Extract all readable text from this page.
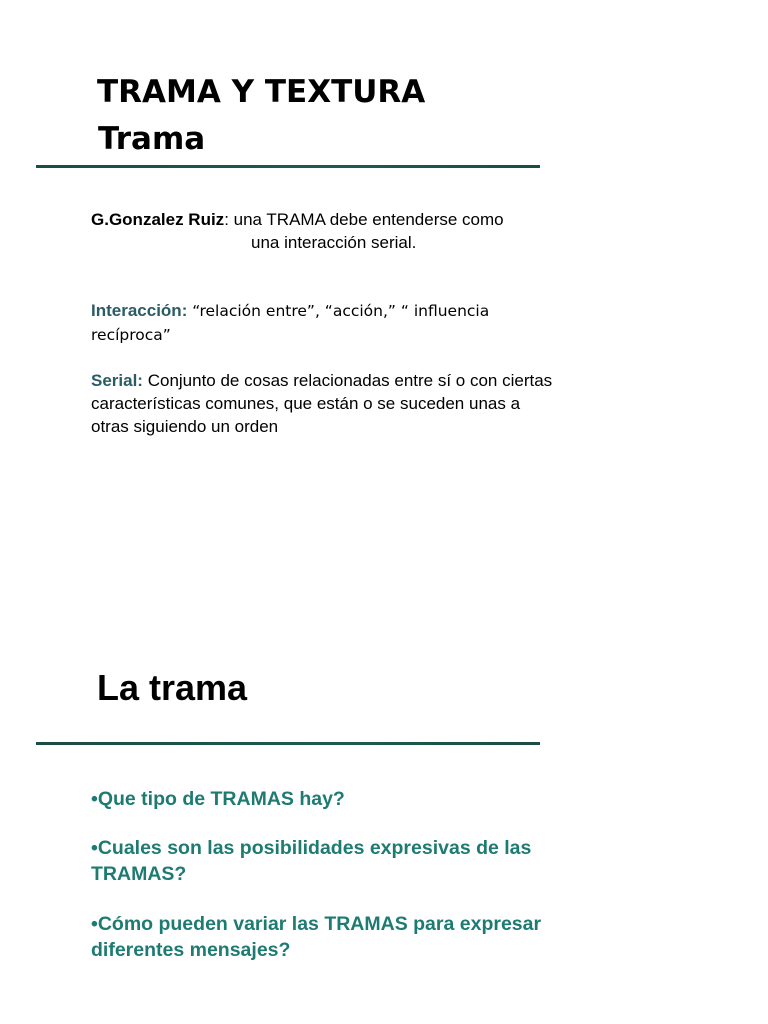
TRAMA Y TEXTURA
Trama

G.Gonzalez Ruiz: una TRAMA debe entenderse como
una interacción serial.

Interacción: “relación entre”, “acción,” “ influencia recíproca”

Serial: Conjunto de cosas relacionadas entre sí o con ciertas características comunes, que están o se suceden unas a otras siguiendo un orden

La trama

•Que tipo de TRAMAS hay?

•Cuales son las posibilidades expresivas de las TRAMAS?

•Cómo pueden variar las TRAMAS para expresar diferentes mensajes?
